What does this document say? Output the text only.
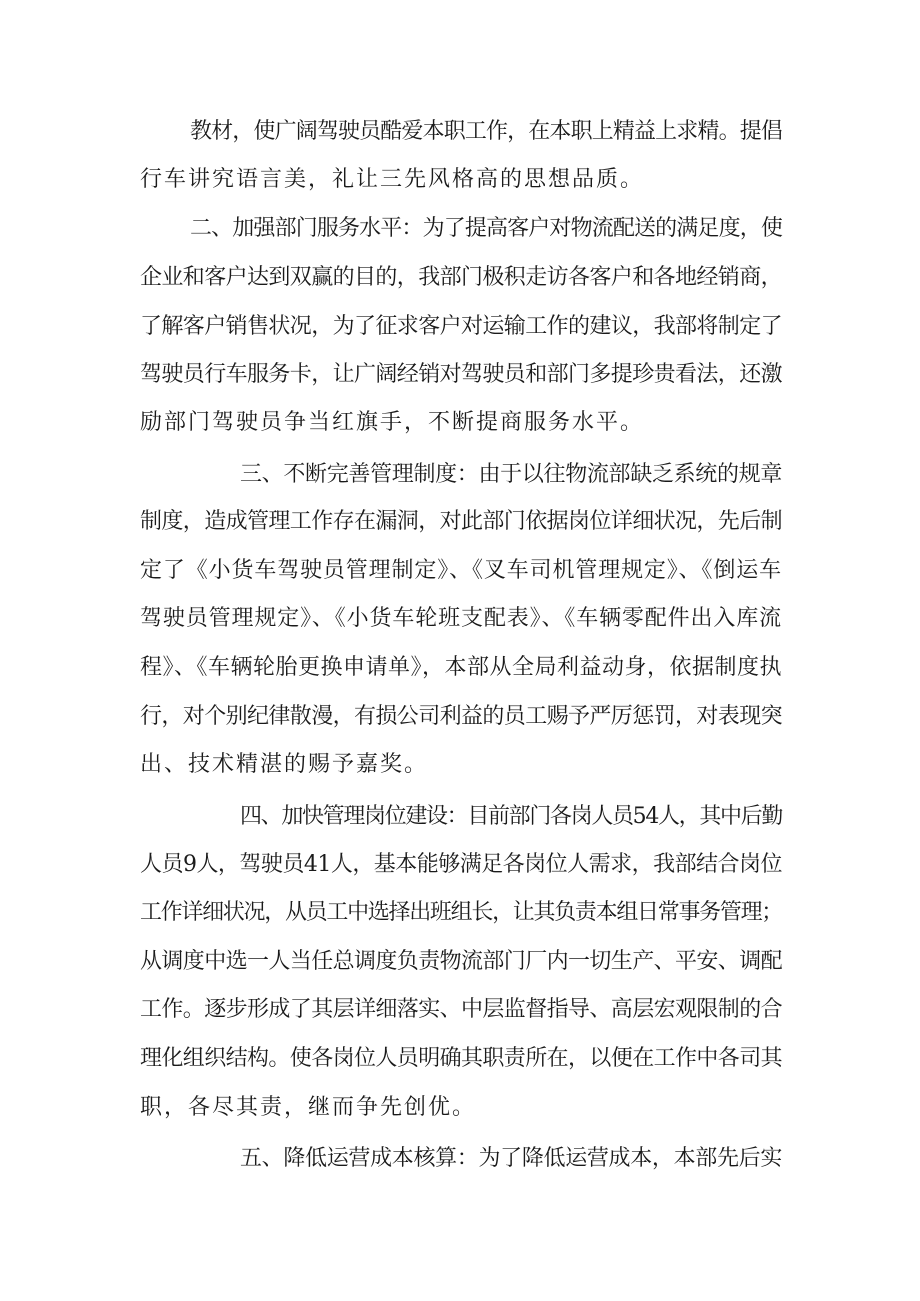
教材，使广阔驾驶员酷爱本职工作，在本职上精益上求精。提倡
行车讲究语言美，礼让三先风格高的思想品质。
二、加强部门服务水平：为了提高客户对物流配送的满足度，使
企业和客户达到双赢的目的，我部门极积走访各客户和各地经销商，
了解客户销售状况，为了征求客户对运输工作的建议，我部将制定了
驾驶员行车服务卡，让广阔经销对驾驶员和部门多提珍贵看法，还激
励部门驾驶员争当红旗手，不断提商服务水平。
三、不断完善管理制度：由于以往物流部缺乏系统的规章
制度，造成管理工作存在漏洞，对此部门依据岗位详细状况，先后制
定了《小货车驾驶员管理制定》、《叉车司机管理规定》、《倒运车
驾驶员管理规定》、《小货车轮班支配表》、《车辆零配件出入库流
程》、《车辆轮胎更换申请单》，本部从全局利益动身，依据制度执
行，对个别纪律散漫，有损公司利益的员工赐予严厉惩罚，对表现突
出、技术精湛的赐予嘉奖。
四、加快管理岗位建设：目前部门各岗人员54人，其中后勤
人员9人，驾驶员41人，基本能够满足各岗位人需求，我部结合岗位
工作详细状况，从员工中选择出班组长，让其负责本组日常事务管理；
从调度中选一人当任总调度负责物流部门厂内一切生产、平安、调配
工作。逐步形成了其层详细落实、中层监督指导、高层宏观限制的合
理化组织结构。使各岗位人员明确其职责所在，以便在工作中各司其
职，各尽其责，继而争先创优。
五、降低运营成本核算：为了降低运营成本，本部先后实
